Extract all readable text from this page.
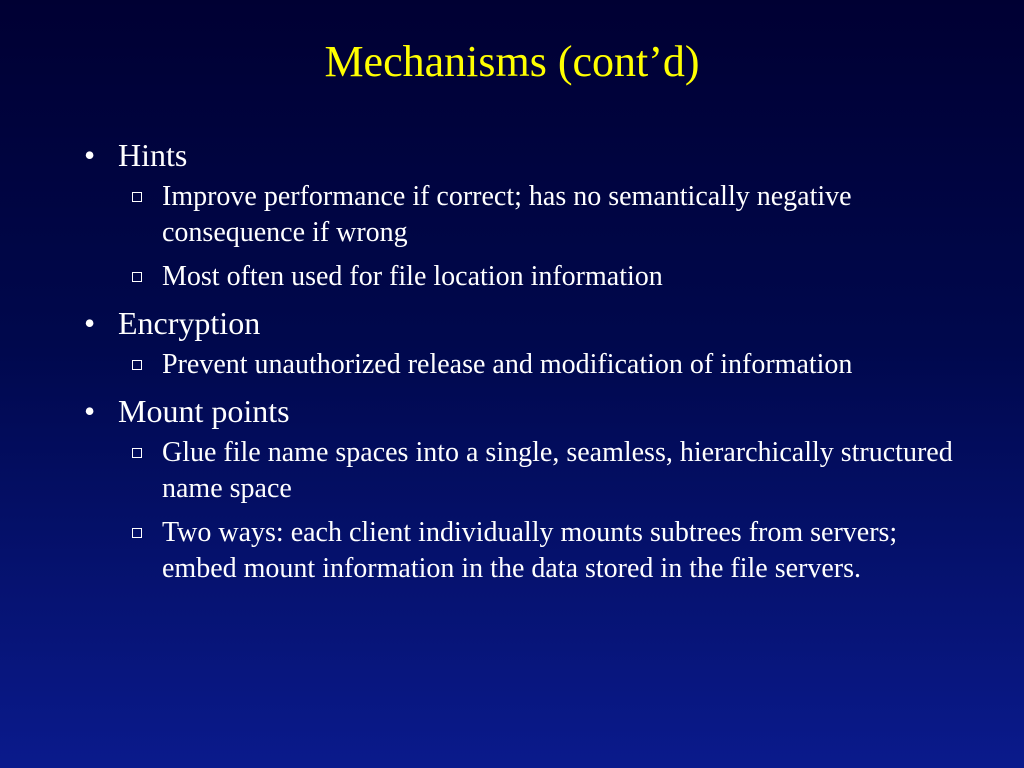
Mechanisms (cont’d)
• Hints
Improve performance if correct; has no semantically negative consequence if wrong
Most often used for file location information
• Encryption
Prevent unauthorized release and modification of information
• Mount points
Glue file name spaces into a single, seamless, hierarchically structured name space
Two ways: each client individually mounts subtrees from servers; embed mount information in the data stored in the file servers.
